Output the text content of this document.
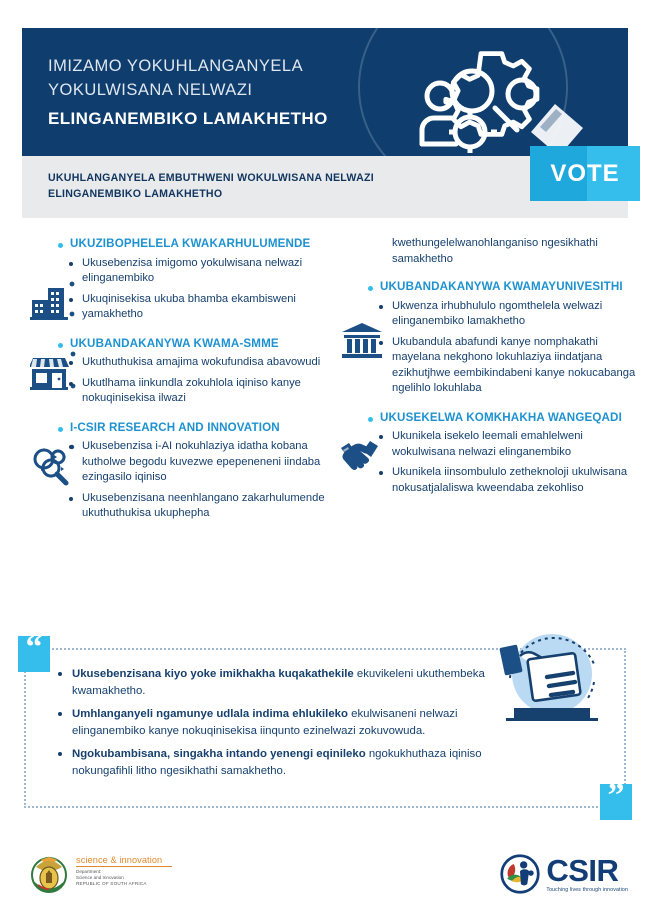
IMIZAMO YOKUHLANGANYELA
YOKULWISANA NELWAZI
ELINGANEMBIKO LAMAKHETHO
UKUHLANGANYELA EMBUTHWENI WOKULWISANA NELWAZI
ELINGANEMBIKO LAMAKHETHO
VOTE
UKUZIBOPHELELA KWAKARHULUMENDE
Ukusebenzisa imigomo yokulwisana nelwazi elinganembiko
Ukuqinisekisa ukuba bhamba ekambisweni yamakhetho
UKUBANDAKANYWA KWAMA-SMME
Ukuthuthukisa amajima wokufundisa abavowudi
Ukutlhama iinkundla zokuhlola iqiniso kanye nokuqinisekisa ilwazi
I-CSIR RESEARCH AND INNOVATION
Ukusebenzisa i-AI nokuhlaziya idatha kobana kutholwe begodu kuvezwe epepeneneni iindaba ezingasilo iqiniso
Ukusebenzisana neenhlangano zakarhulumende ukuthuthukisa ukuphepha
kwethungelelwanohlanganiso ngesikhathi samakhetho
UKUBANDAKANYWA KWAMAYUNIVESITHI
Ukwenza irhubhululo ngomthelela welwazi elinganembiko lamakhetho
Ukubandula abafundi kanye nomphakathi mayelana nekghono lokuhlaziya iindatjana ezikhutjhwe eembikindabeni kanye nokucabanga ngelihlo lokuhlaba
UKUSEKELWA KOMKHAKHA WANGEQADI
Ukunikela isekelo leemali emahlelweni wokulwisana nelwazi elinganembiko
Ukunikela iinsombululo zetheknoloji ukulwisana nokusatjalaliswa kweendaba zekohliso
“
”
Ukusebenzisana kiyo yoke imikhakha kuqakathekile ekuvikeleni ukuthembeka kwamakhetho.
Umhlanganyeli ngamunye udlala indima ehlukileko ekulwisaneni nelwazi elinganembiko kanye nokuqinisekisa iinqunto ezinelwazi zokuvowuda.
Ngokubambisana, singakha intando yenengi eqinileko ngokukhuthaza iqiniso nokungafihli litho ngesikhathi samakhetho.
science & innovation
Department:
Science and Innovation
REPUBLIC OF SOUTH AFRICA	CSIR
Touching lives through innovation
